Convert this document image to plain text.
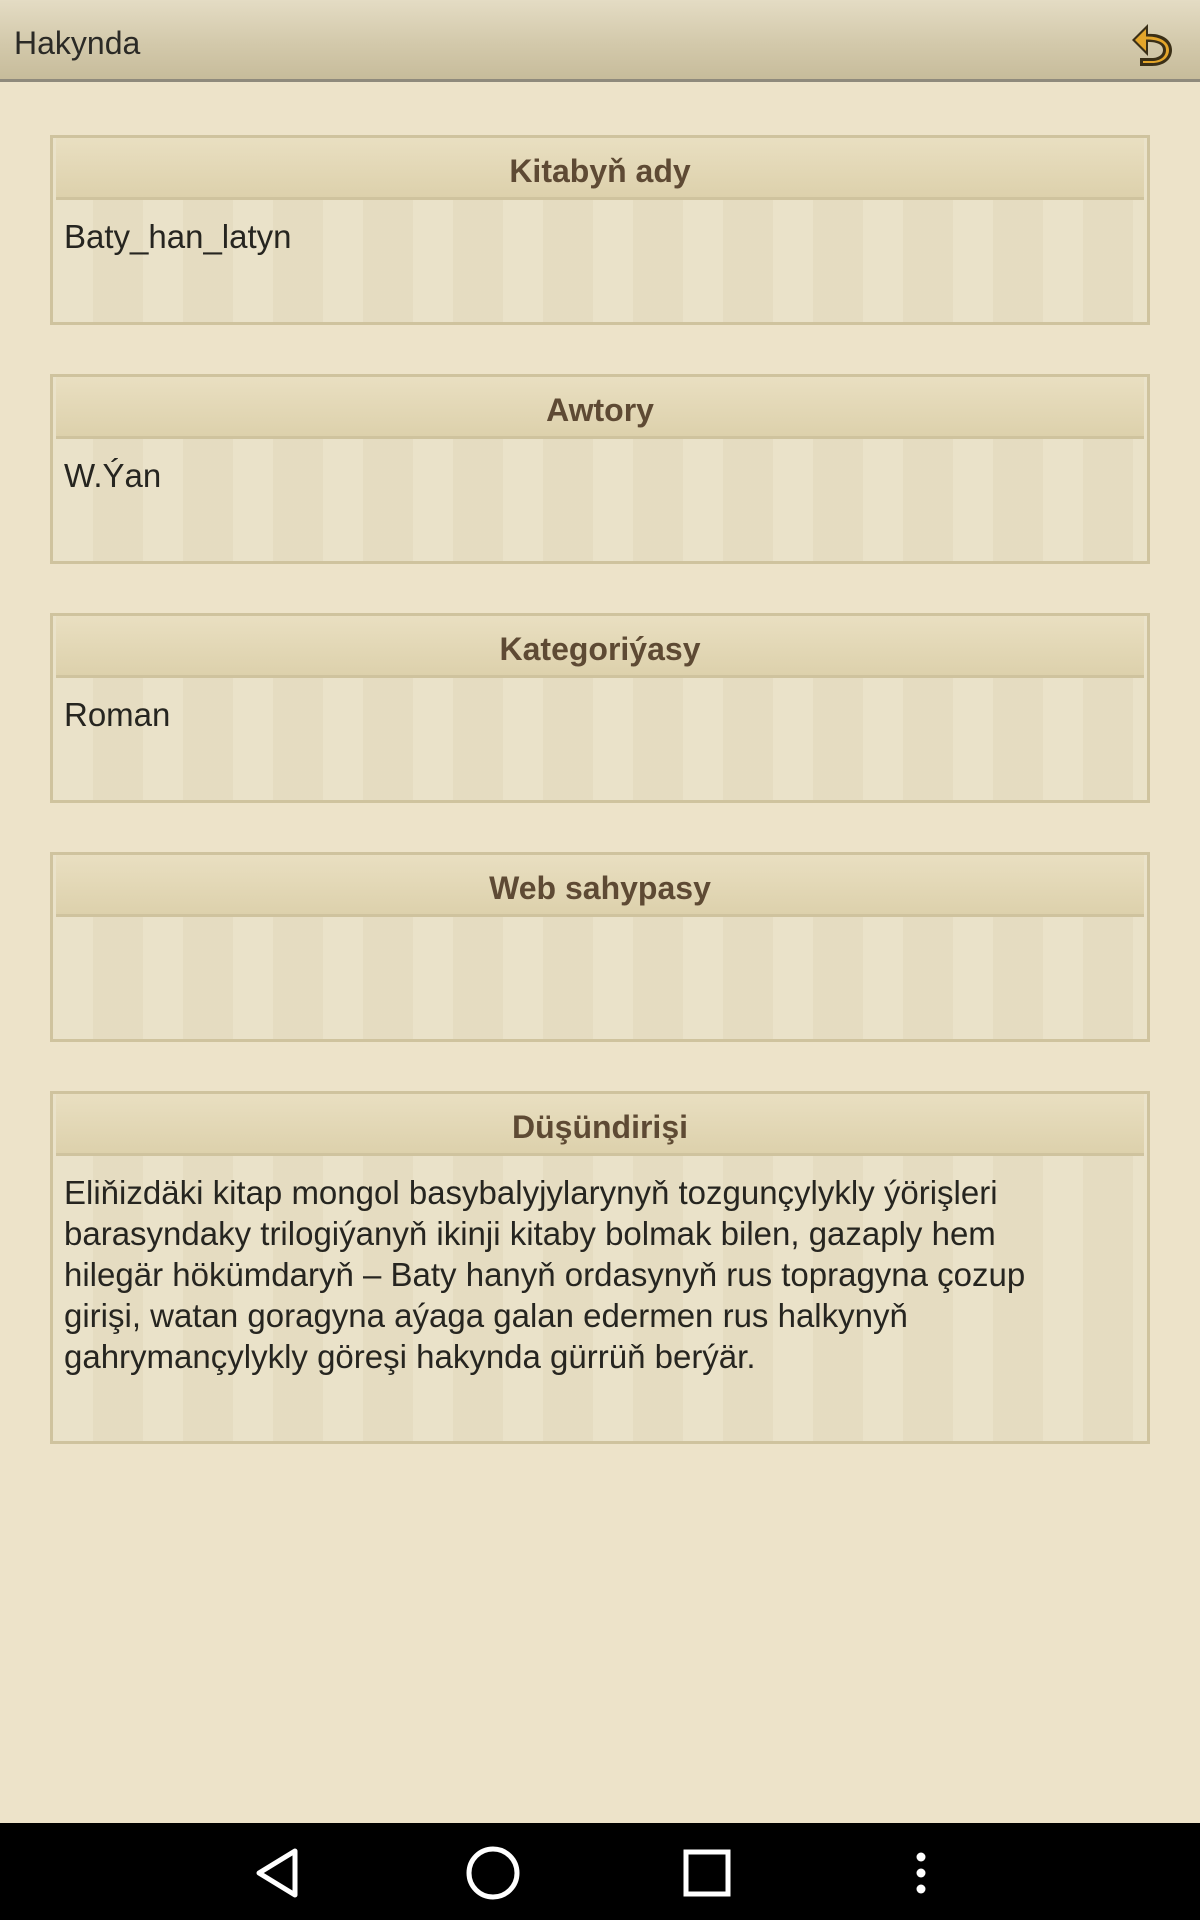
Hakynda
Kitabyň ady
Baty_han_latyn
Awtory
W.Ýan
Kategoriýasy
Roman
Web sahypasy
Düşündirişi
Eliňizdäki kitap mongol basybalyjylarynyň tozgunçylykly ýörişleri
barasyndaky trilogiýanyň ikinji kitaby bolmak bilen, gazaply hem
hilegär hökümdaryň – Baty hanyň ordasynyň rus topragyna çozup
girişi, watan goragyna aýaga galan edermen rus halkynyň
gahrymançylykly göreşi hakynda gürrüň berýär.
